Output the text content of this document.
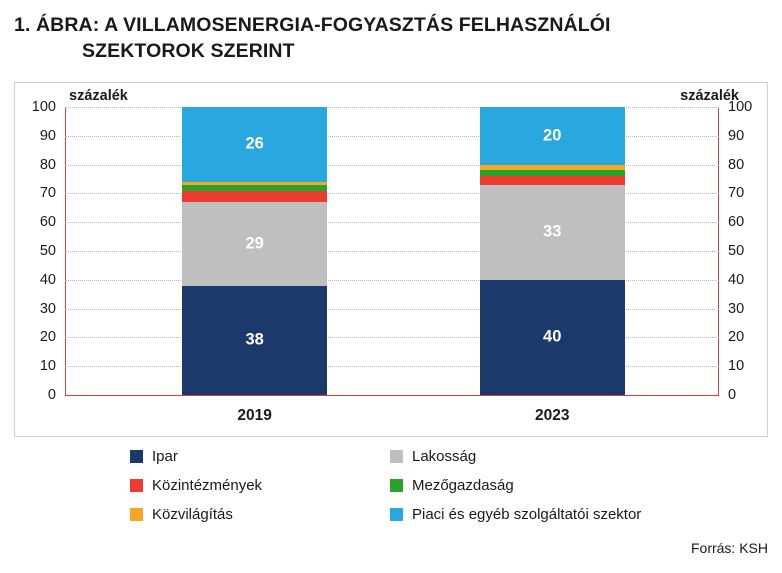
1. ÁBRA: A VILLAMOSENERGIA-FOGYASZTÁS FELHASZNÁLÓI
SZEKTOROK SZERINT
százalék	százalék
0	0
10	10
20	20
30	30
40	40
50	50
60	60
70	70
80	80
90	90
100	100
38
29
26
2019
40
33
20
2023
Ipar	Lakosság
Közintézmények	Mezőgazdaság
Közvilágítás	Piaci és egyéb szolgáltatói szektor
Forrás: KSH
